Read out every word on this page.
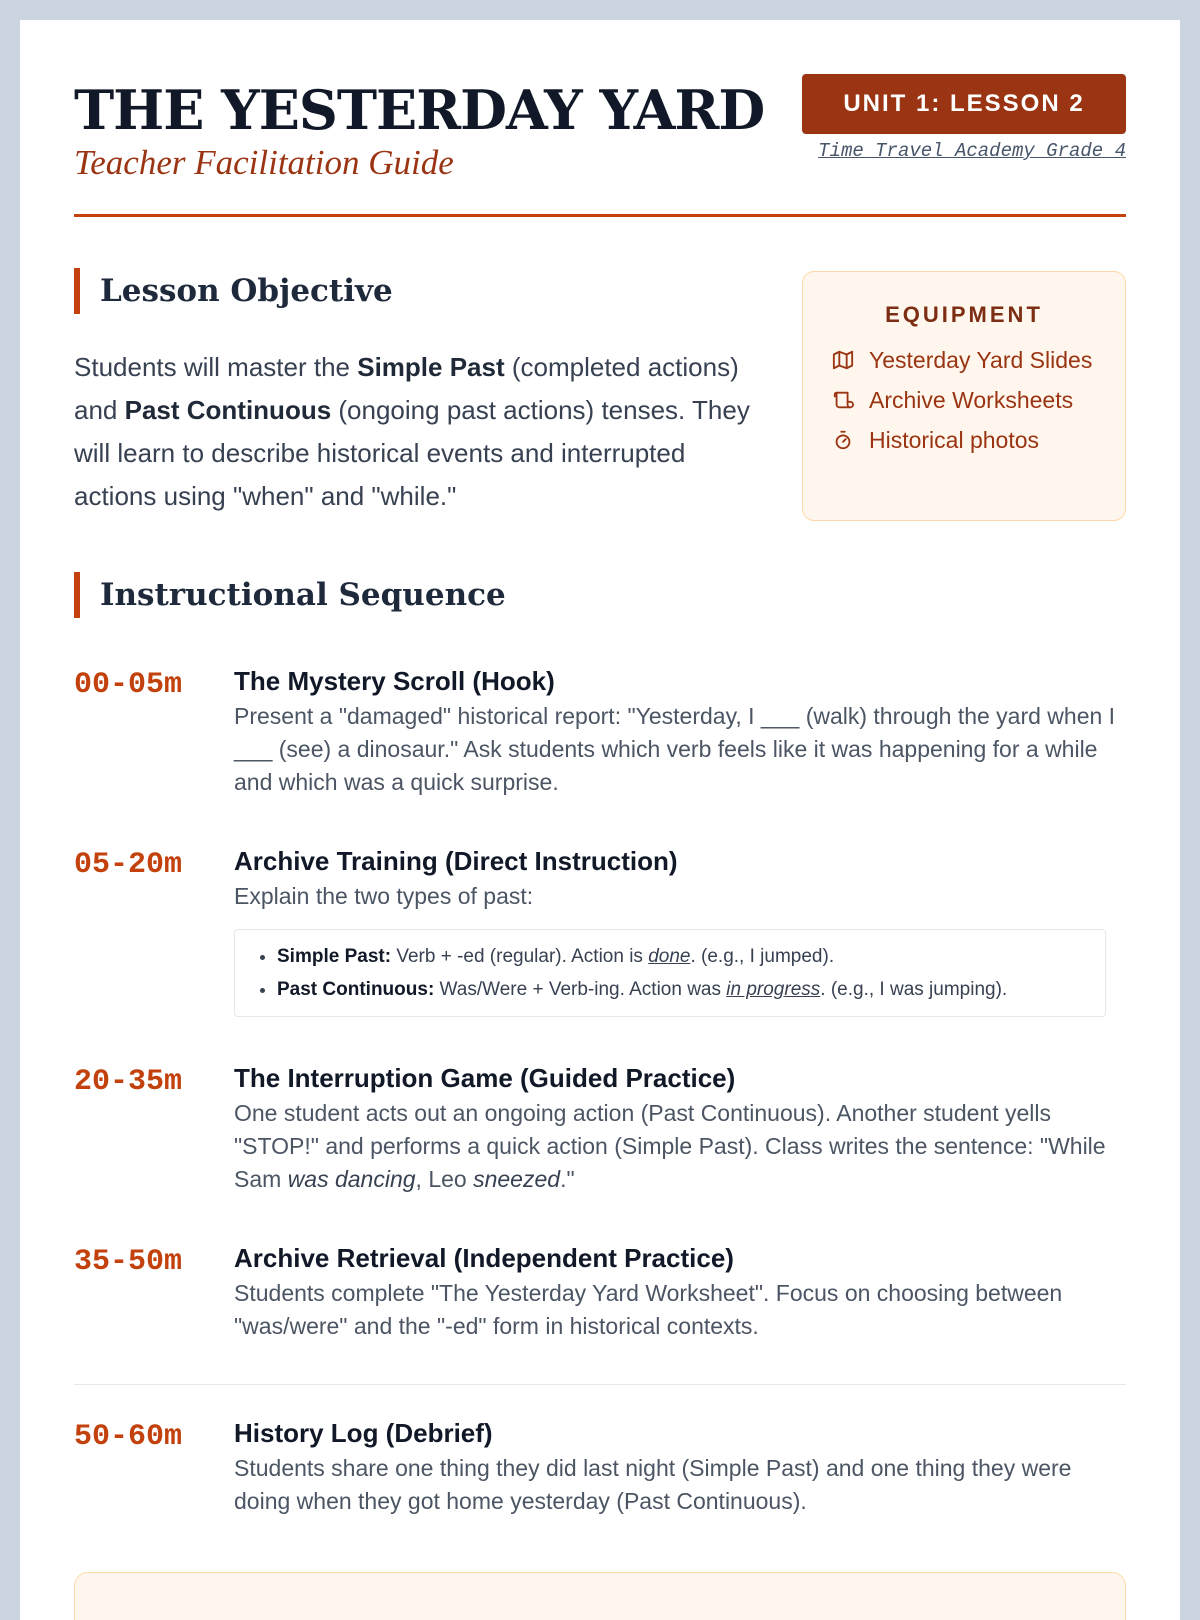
THE YESTERDAY YARD
Teacher Facilitation Guide
UNIT 1: LESSON 2
Time Travel Academy Grade 4
Lesson Objective

Students will master the Simple Past (completed actions) and Past Continuous (ongoing past actions) tenses. They will learn to describe historical events and interrupted actions using "when" and "while."

EQUIPMENT
Yesterday Yard Slides
Archive Worksheets
Historical photos
Instructional Sequence
00-05m The Mystery Scroll (Hook)
Present a "damaged" historical report: "Yesterday, I ___ (walk) through the yard when I ___ (see) a dinosaur." Ask students which verb feels like it was happening for a while and which was a quick surprise.
05-20m Archive Training (Direct Instruction)
Explain the two types of past:
• Simple Past: Verb + -ed (regular). Action is done. (e.g., I jumped).
• Past Continuous: Was/Were + Verb-ing. Action was in progress. (e.g., I was jumping).
20-35m The Interruption Game (Guided Practice)
One student acts out an ongoing action (Past Continuous). Another student yells "STOP!" and performs a quick action (Simple Past). Class writes the sentence: "While Sam was dancing, Leo sneezed."
35-50m Archive Retrieval (Independent Practice)
Students complete "The Yesterday Yard Worksheet". Focus on choosing between "was/were" and the "-ed" form in historical contexts.
50-60m History Log (Debrief)
Students share one thing they did last night (Simple Past) and one thing they were doing when they got home yesterday (Past Continuous).
